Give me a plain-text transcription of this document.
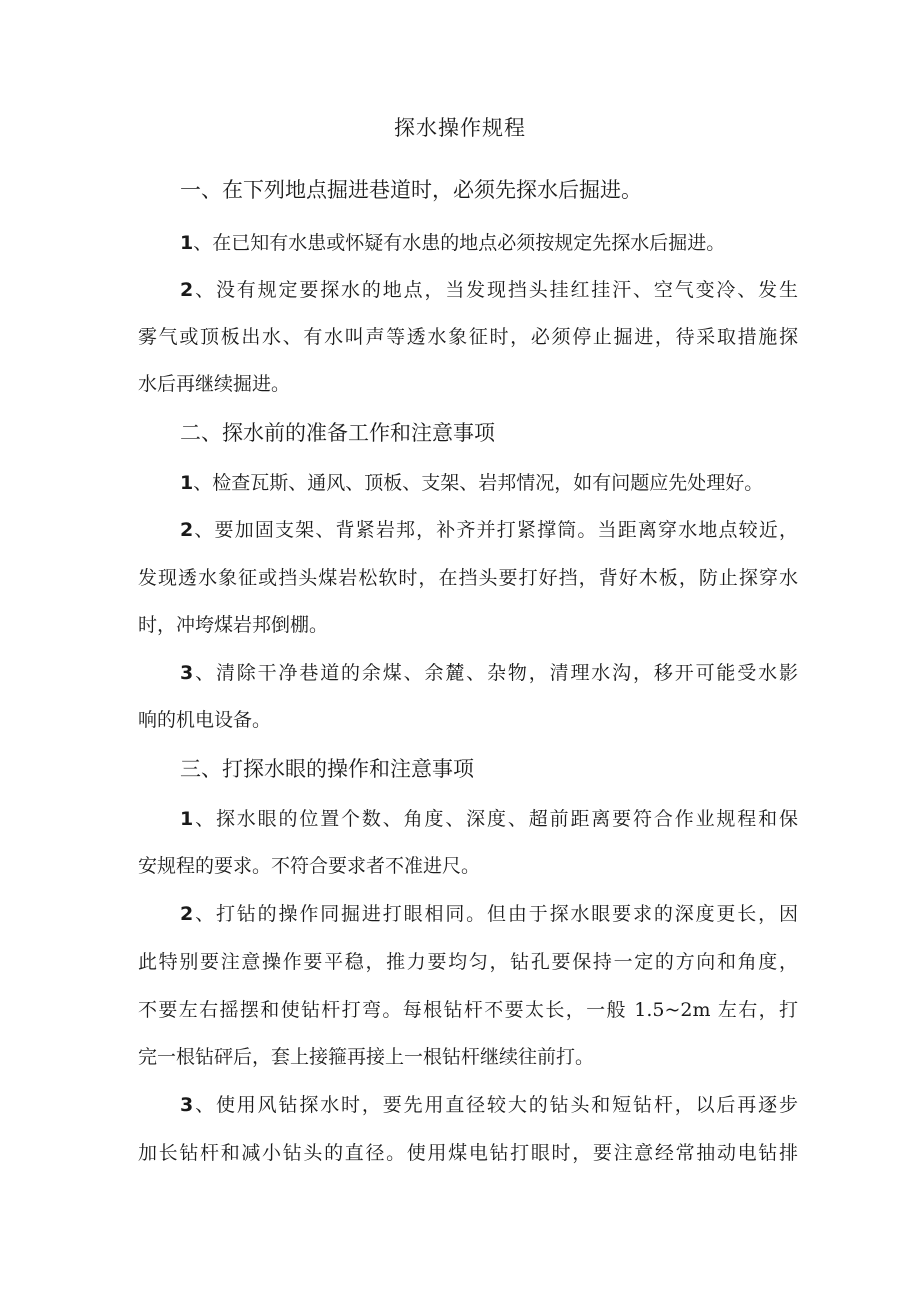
探水操作规程
一、在下列地点掘进巷道时，必须先探水后掘进。
1、在已知有水患或怀疑有水患的地点必须按规定先探水后掘进。
2、没有规定要探水的地点，当发现挡头挂红挂汗、空气变冷、发生
雾气或顶板出水、有水叫声等透水象征时，必须停止掘进，待采取措施探
水后再继续掘进。
二、探水前的准备工作和注意事项
1、检查瓦斯、通风、顶板、支架、岩邦情况，如有问题应先处理好。
2、要加固支架、背紧岩邦，补齐并打紧撑筒。当距离穿水地点较近，
发现透水象征或挡头煤岩松软时，在挡头要打好挡，背好木板，防止探穿水
时，冲垮煤岩邦倒棚。
3、清除干净巷道的余煤、余麓、杂物，清理水沟，移开可能受水影
响的机电设备。
三、打探水眼的操作和注意事项
1、探水眼的位置个数、角度、深度、超前距离要符合作业规程和保
安规程的要求。不符合要求者不准进尺。
2、打钻的操作同掘进打眼相同。但由于探水眼要求的深度更长，因
此特别要注意操作要平稳，推力要均匀，钻孔要保持一定的方向和角度，
不要左右摇摆和使钻杆打弯。每根钻杆不要太长，一般 1.5~2m 左右，打
完一根钻砰后，套上接箍再接上一根钻杆继续往前打。
3、使用风钻探水时，要先用直径较大的钻头和短钻杆，以后再逐步
加长钻杆和减小钻头的直径。使用煤电钻打眼时，要注意经常抽动电钻排
